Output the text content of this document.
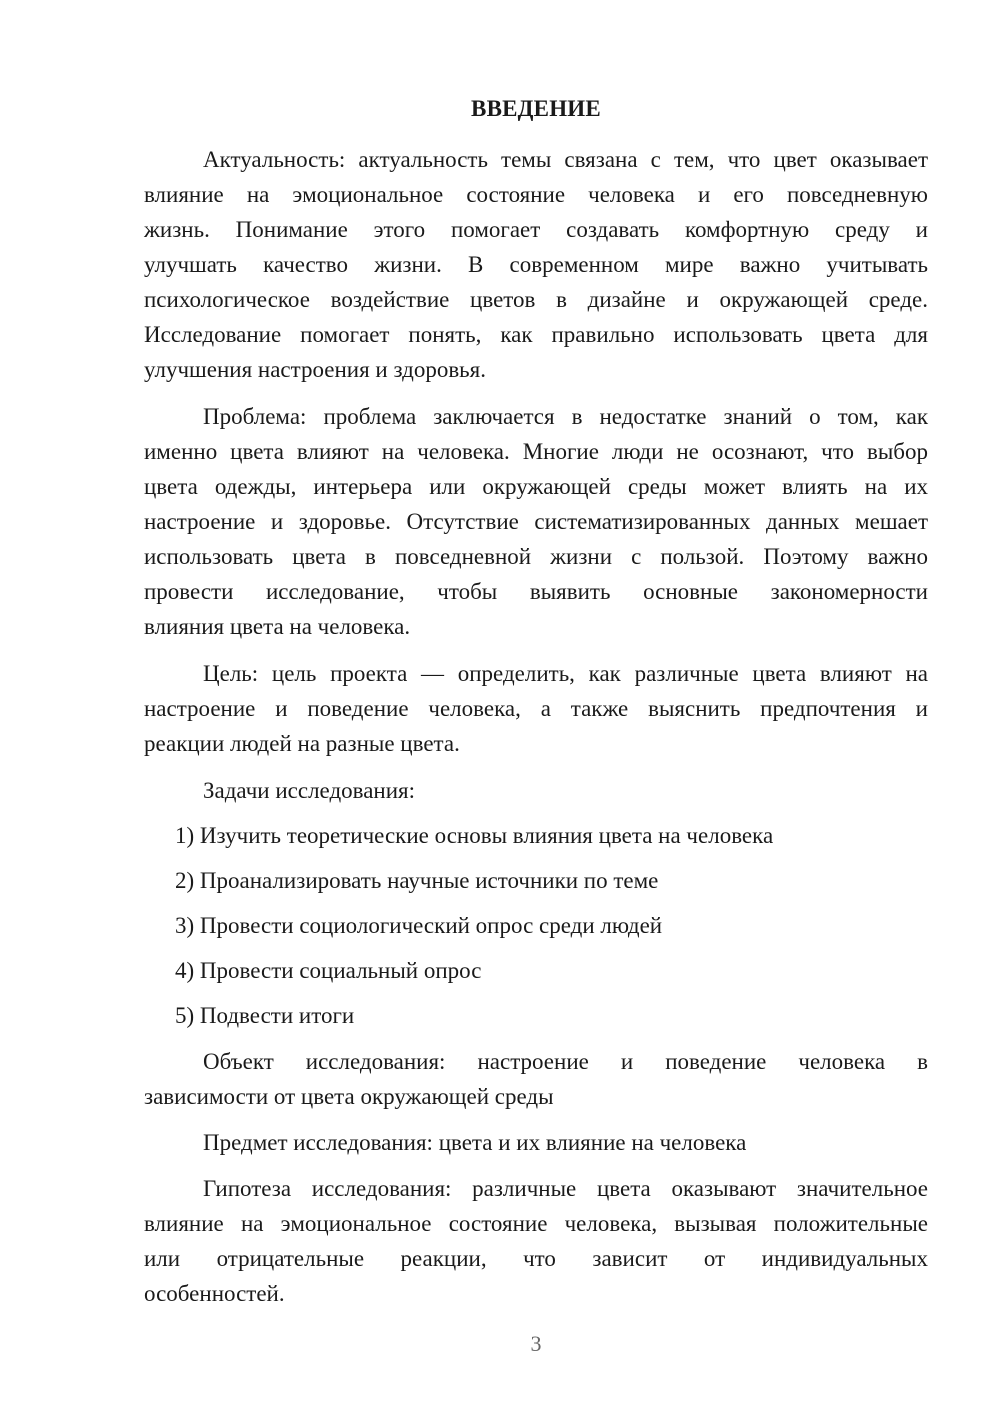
ВВЕДЕНИЕ

Актуальность: актуальность темы связана с тем, что цвет оказывает
влияние на эмоциональное состояние человека и его повседневную
жизнь. Понимание этого помогает создавать комфортную среду и
улучшать качество жизни. В современном мире важно учитывать
психологическое воздействие цветов в дизайне и окружающей среде.
Исследование помогает понять, как правильно использовать цвета для
улучшения настроения и здоровья.

Проблема: проблема заключается в недостатке знаний о том, как
именно цвета влияют на человека. Многие люди не осознают, что выбор
цвета одежды, интерьера или окружающей среды может влиять на их
настроение и здоровье. Отсутствие систематизированных данных мешает
использовать цвета в повседневной жизни с пользой. Поэтому важно
провести исследование, чтобы выявить основные закономерности
влияния цвета на человека.

Цель: цель проекта — определить, как различные цвета влияют на
настроение и поведение человека, а также выяснить предпочтения и
реакции людей на разные цвета.

Задачи исследования:

1) Изучить теоретические основы влияния цвета на человека
2) Проанализировать научные источники по теме
3) Провести социологический опрос среди людей
4) Провести социальный опрос
5) Подвести итоги

Объект исследования: настроение и поведение человека в
зависимости от цвета окружающей среды

Предмет исследования: цвета и их влияние на человека

Гипотеза исследования: различные цвета оказывают значительное
влияние на эмоциональное состояние человека, вызывая положительные
или отрицательные реакции, что зависит от индивидуальных
особенностей.

3
